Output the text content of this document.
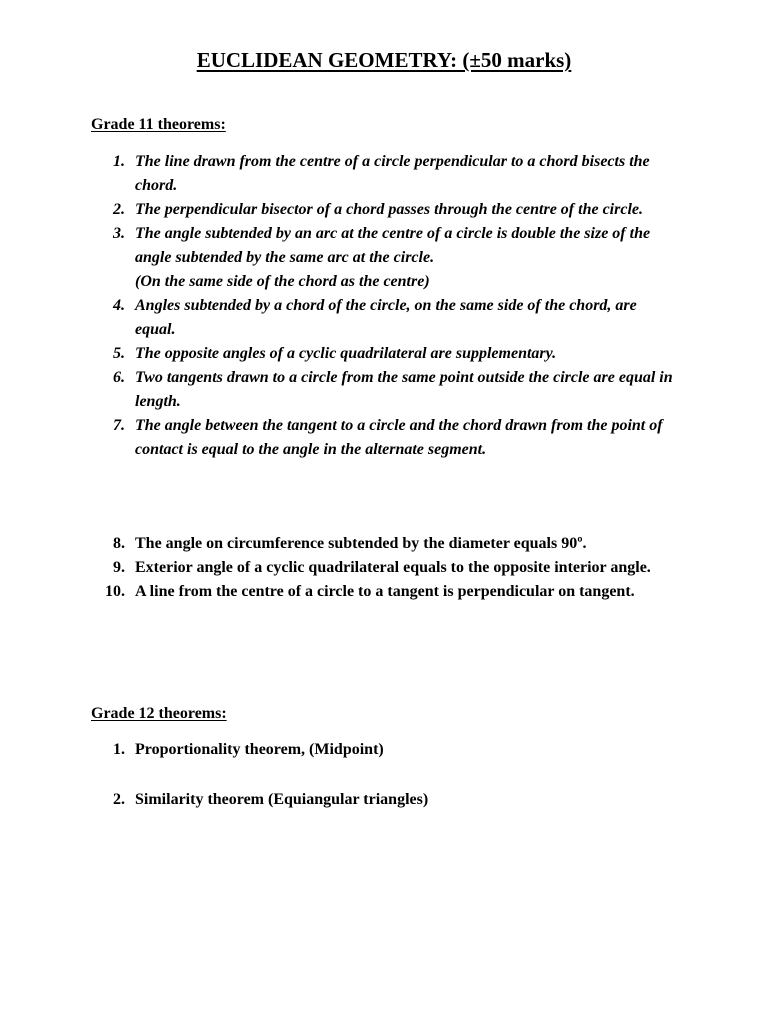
EUCLIDEAN GEOMETRY: (±50 marks)
Grade 11 theorems:
1. The line drawn from the centre of a circle perpendicular to a chord bisects the chord.
2. The perpendicular bisector of a chord passes through the centre of the circle.
3. The angle subtended by an arc at the centre of a circle is double the size of the angle subtended by the same arc at the circle.
(On the same side of the chord as the centre)
4. Angles subtended by a chord of the circle, on the same side of the chord, are equal.
5. The opposite angles of a cyclic quadrilateral are supplementary.
6. Two tangents drawn to a circle from the same point outside the circle are equal in length.
7. The angle between the tangent to a circle and the chord drawn from the point of contact is equal to the angle in the alternate segment.
8. The angle on circumference subtended by the diameter equals 90º.
9. Exterior angle of a cyclic quadrilateral equals to the opposite interior angle.
10. A line from the centre of a circle to a tangent is perpendicular on tangent.
Grade 12 theorems:
1. Proportionality theorem, (Midpoint)
2. Similarity theorem (Equiangular triangles)
